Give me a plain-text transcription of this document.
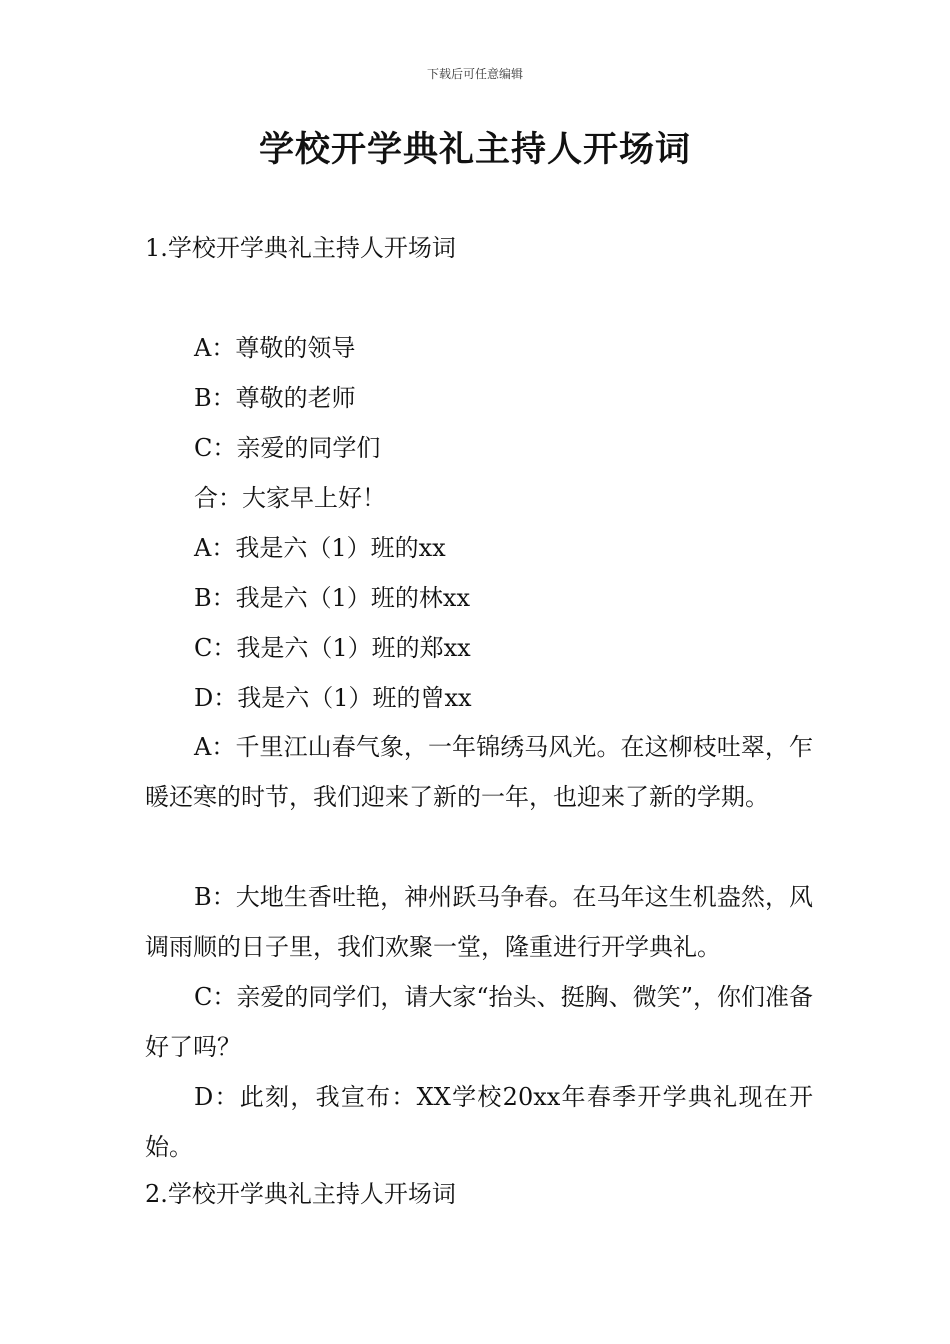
下载后可任意编辑
学校开学典礼主持人开场词
1.学校开学典礼主持人开场词
A：尊敬的领导
B：尊敬的老师
C：亲爱的同学们
合：大家早上好！
A：我是六（1）班的xx
B：我是六（1）班的林xx
C：我是六（1）班的郑xx
D：我是六（1）班的曾xx
A：千里江山春气象，一年锦绣马风光。在这柳枝吐翠，乍暖还寒的时节，我们迎来了新的一年，也迎来了新的学期。
B：大地生香吐艳，神州跃马争春。在马年这生机盎然，风调雨顺的日子里，我们欢聚一堂，隆重进行开学典礼。
C：亲爱的同学们，请大家“抬头、挺胸、微笑”，你们准备好了吗？
D：此刻，我宣布：XX学校20xx年春季开学典礼现在开始。
2.学校开学典礼主持人开场词
